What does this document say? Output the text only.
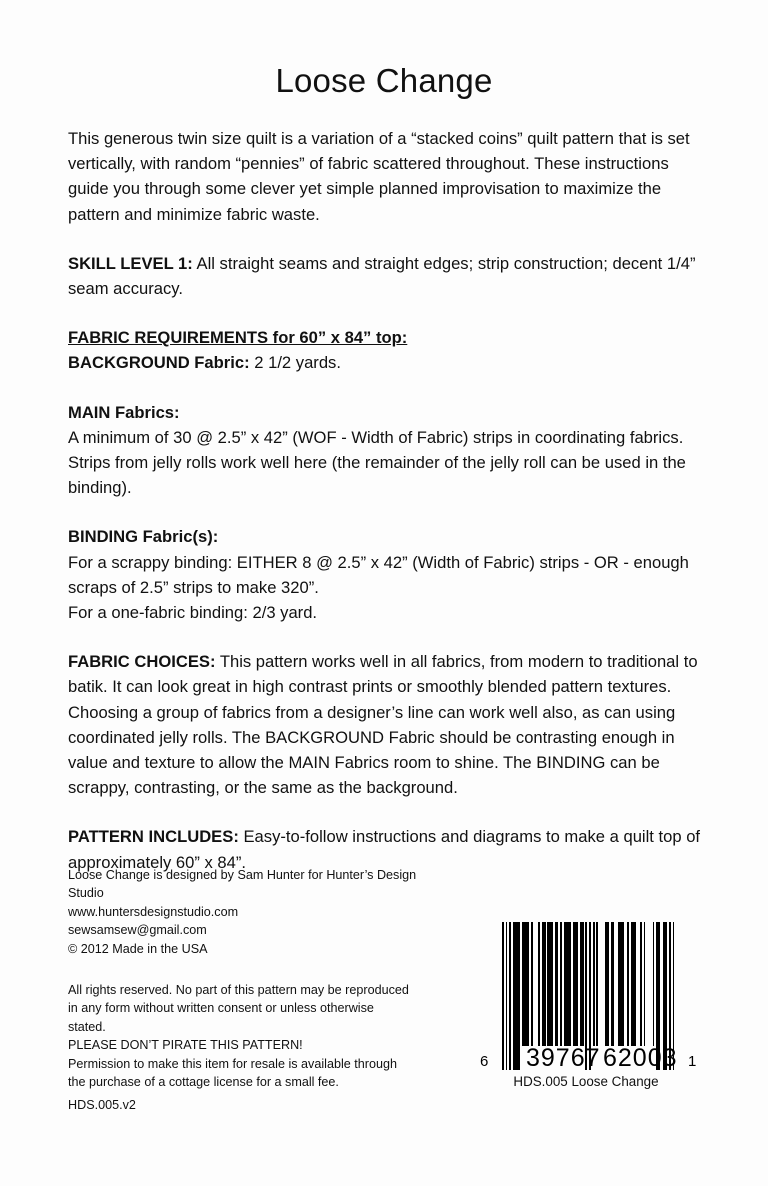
Loose Change

This generous twin size quilt is a variation of a “stacked coins” quilt pattern that is set vertically, with random “pennies” of fabric scattered throughout. These instructions guide you through some clever yet simple planned improvisation to maximize the pattern and minimize fabric waste.

SKILL LEVEL 1: All straight seams and straight edges; strip construction; decent 1/4” seam accuracy.

FABRIC REQUIREMENTS for 60” x 84” top:

BACKGROUND Fabric: 2 1/2 yards.

MAIN Fabrics:

A minimum of 30 @ 2.5” x 42” (WOF - Width of Fabric) strips in coordinating fabrics. Strips from jelly rolls work well here (the remainder of the jelly roll can be used in the binding).

BINDING Fabric(s):

For a scrappy binding: EITHER 8 @ 2.5” x 42” (Width of Fabric) strips - OR - enough scraps of 2.5” strips to make 320”.

For a one-fabric binding: 2/3 yard.

FABRIC CHOICES: This pattern works well in all fabrics, from modern to traditional to batik. It can look great in high contrast prints or smoothly blended pattern textures. Choosing a group of fabrics from a designer’s line can work well also, as can using coordinated jelly rolls. The BACKGROUND Fabric should be contrasting enough in value and texture to allow the MAIN Fabrics room to shine. The BINDING can be scrappy, contrasting, or the same as the background.

PATTERN INCLUDES: Easy-to-follow instructions and diagrams to make a quilt top of approximately 60” x 84”.

Loose Change is designed by Sam Hunter for Hunter’s Design

Studio

www.huntersdesignstudio.com

sewsamsew@gmail.com

© 2012 Made in the USA

All rights reserved. No part of this pattern may be reproduced

in any form without written consent or unless otherwise

stated.

PLEASE DON’T PIRATE THIS PATTERN!

Permission to make this item for resale is available through

the purchase of a cottage license for a small fee.

HDS.005.v2
6 39767 62003 1
HDS.005 Loose Change
